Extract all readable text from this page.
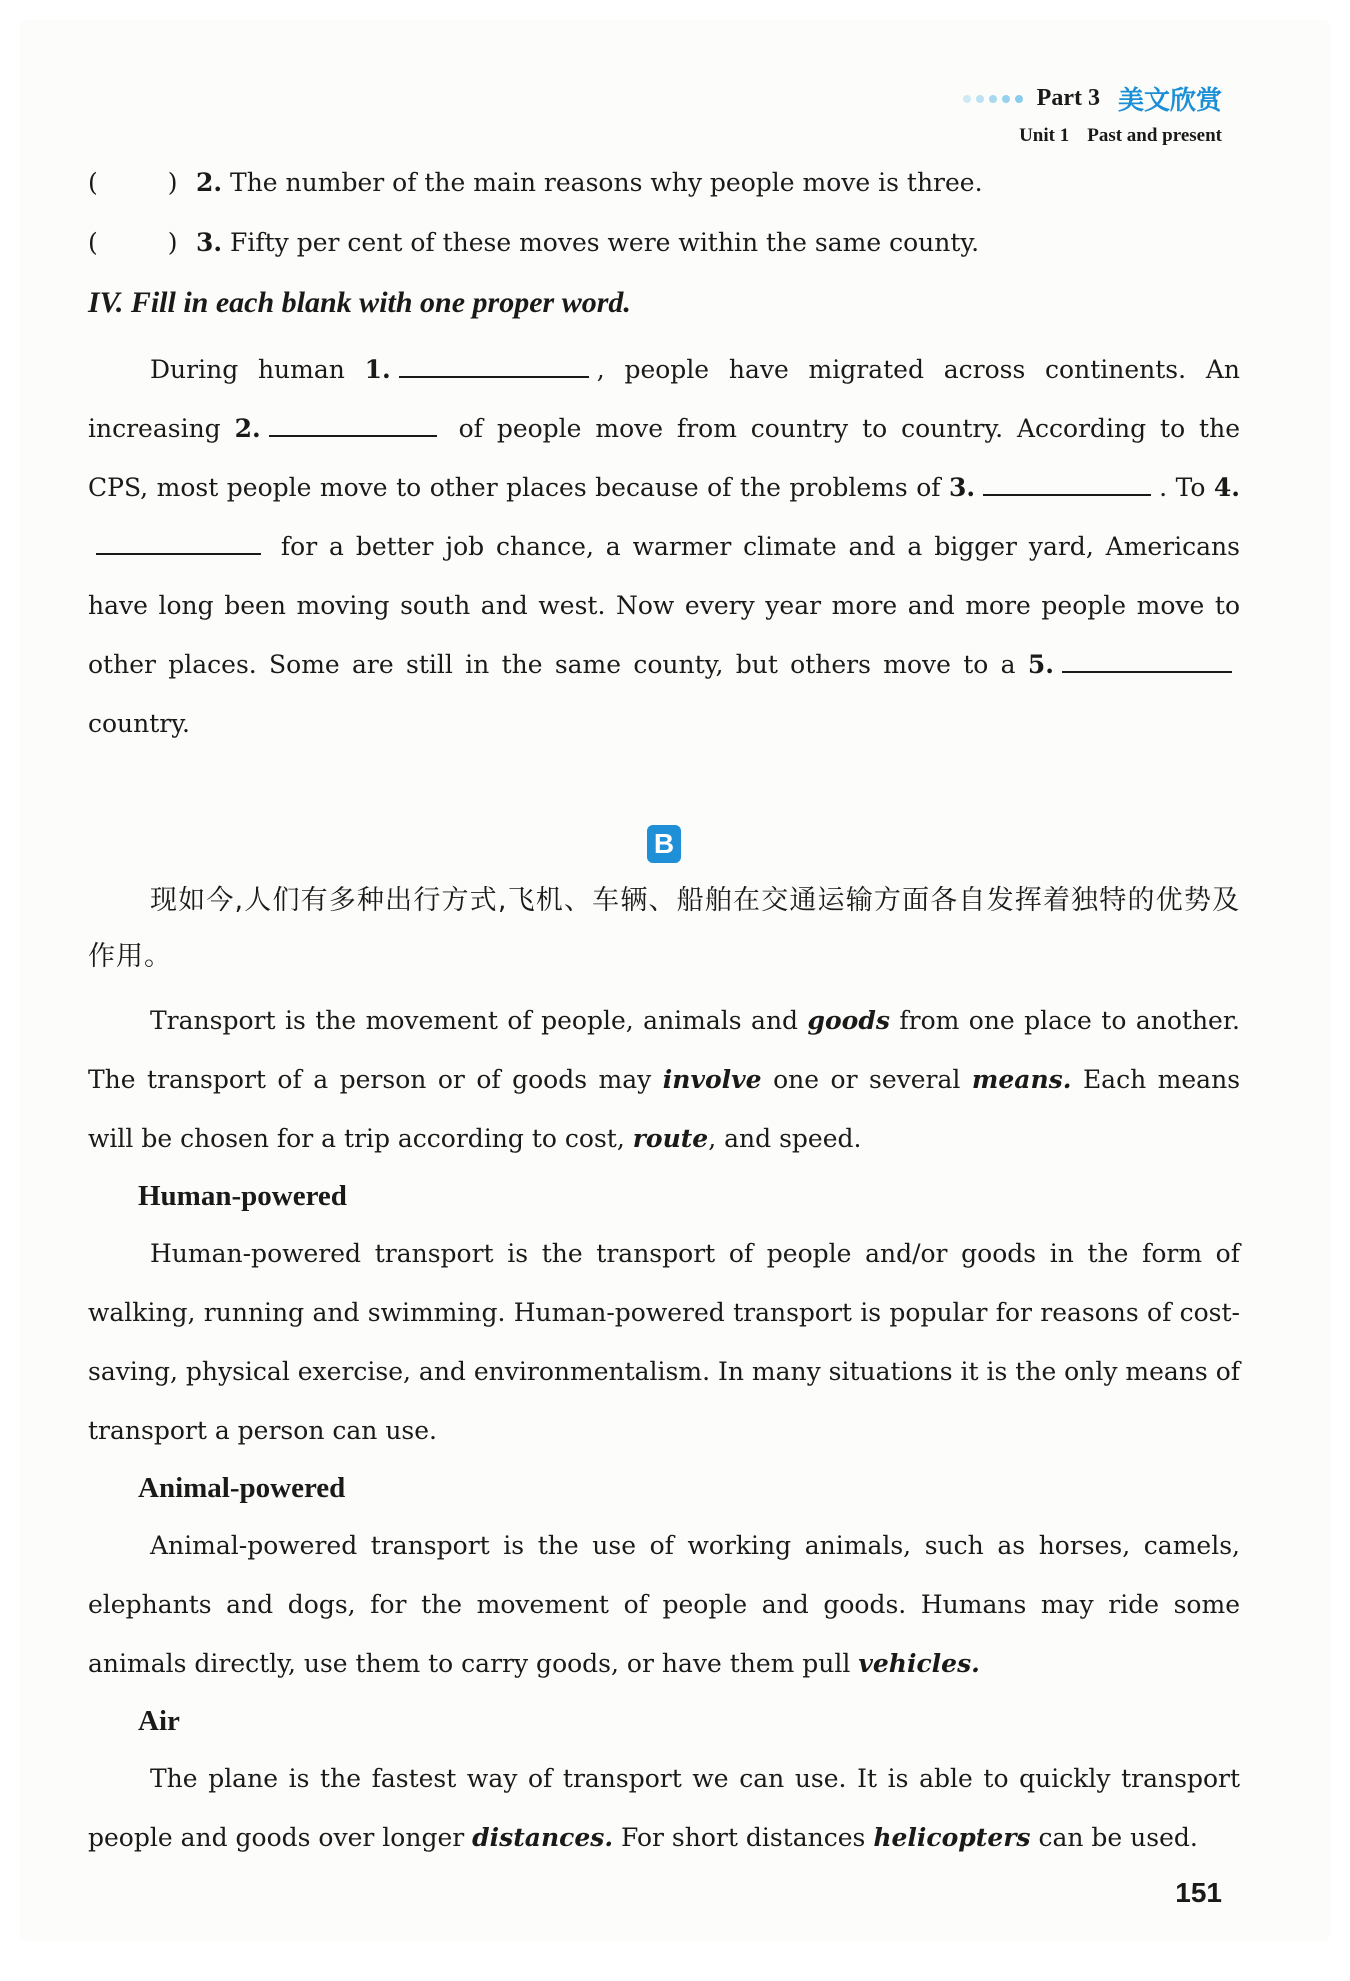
Part 3 美文欣赏
Unit 1 Past and present
(	) 2. The number of the main reasons why people move is three.
(	) 3. Fifty per cent of these moves were within the same county.
IV. Fill in each blank with one proper word.

During human 1.	, people have migrated across continents. An increasing 2.	of people move from country to country. According to the CPS, most people move to other places because of the problems of 3.	. To 4. for a better job chance, a warmer climate and a bigger yard, Americans have long been moving south and west. Now every year more and more people move to other places. Some are still in the same county, but others move to a 5. country.

B

现如今,人们有多种出行方式,飞机、车辆、船舶在交通运输方面各自发挥着独特的优势及作用。

Transport is the movement of people, animals and goods from one place to another. The transport of a person or of goods may involve one or several means. Each means will be chosen for a trip according to cost, route, and speed.

Human-powered

Human-powered transport is the transport of people and/or goods in the form of walking, running and swimming. Human-powered transport is popular for reasons of cost-saving, physical exercise, and environmentalism. In many situations it is the only means of transport a person can use.

Animal-powered

Animal-powered transport is the use of working animals, such as horses, camels, elephants and dogs, for the movement of people and goods. Humans may ride some animals directly, use them to carry goods, or have them pull vehicles.

Air

The plane is the fastest way of transport we can use. It is able to quickly transport people and goods over longer distances. For short distances helicopters can be used.

151
